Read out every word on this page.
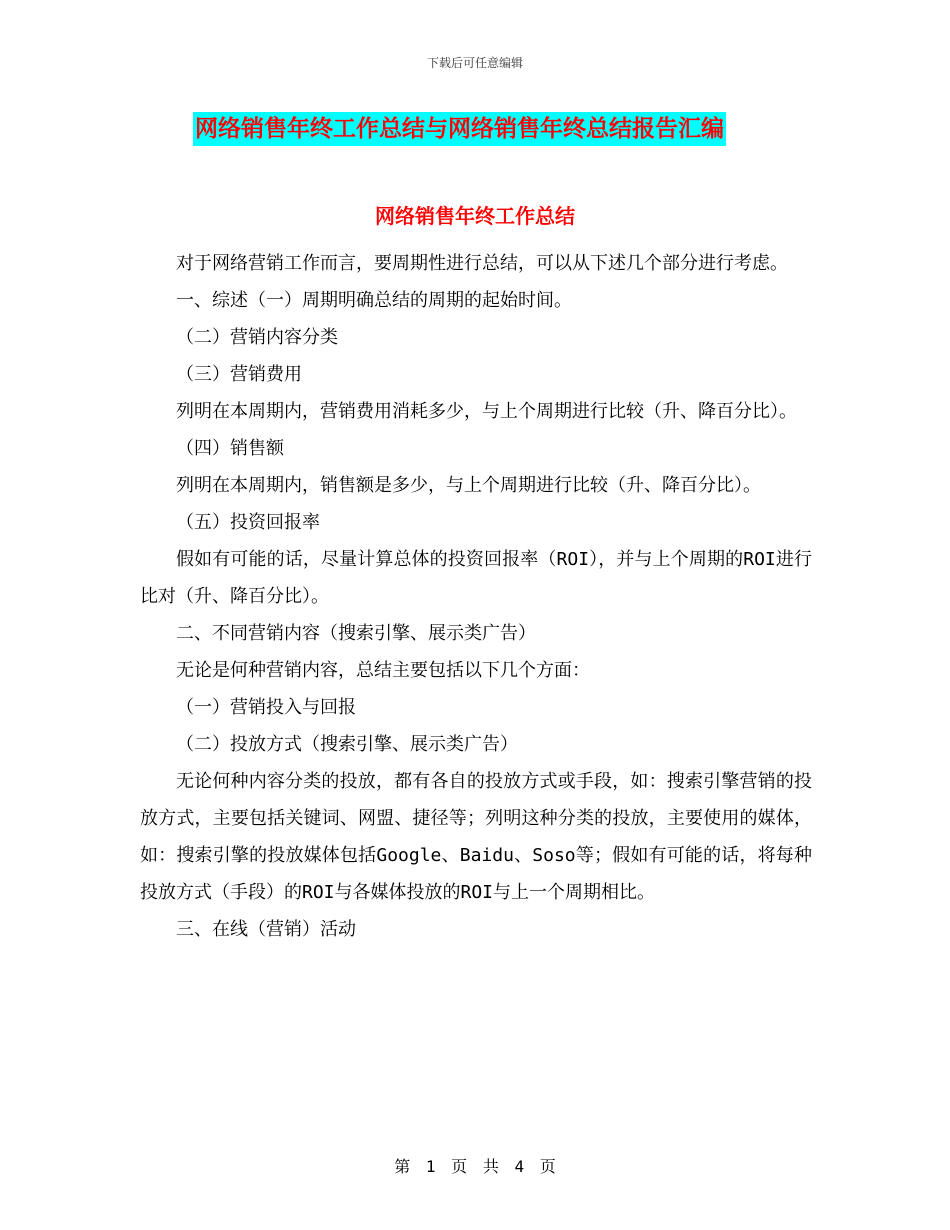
下载后可任意编辑
网络销售年终工作总结与网络销售年终总结报告汇编
网络销售年终工作总结

对于网络营销工作而言，要周期性进行总结，可以从下述几个部分进行考虑。

一、综述（一）周期明确总结的周期的起始时间。

（二）营销内容分类

（三）营销费用

列明在本周期内，营销费用消耗多少，与上个周期进行比较（升、降百分比）。

（四）销售额

列明在本周期内，销售额是多少，与上个周期进行比较（升、降百分比）。

（五）投资回报率

假如有可能的话，尽量计算总体的投资回报率（ROI），并与上个周期的ROI进行比对（升、降百分比）。

二、不同营销内容（搜索引擎、展示类广告）

无论是何种营销内容，总结主要包括以下几个方面：

（一）营销投入与回报

（二）投放方式（搜索引擎、展示类广告）

无论何种内容分类的投放，都有各自的投放方式或手段，如：搜索引擎营销的投放方式，主要包括关键词、网盟、捷径等；列明这种分类的投放，主要使用的媒体，如：搜索引擎的投放媒体包括Google、Baidu、Soso等；假如有可能的话，将每种投放方式（手段）的ROI与各媒体投放的ROI与上一个周期相比。

三、在线（营销）活动

第 1 页 共 4 页
